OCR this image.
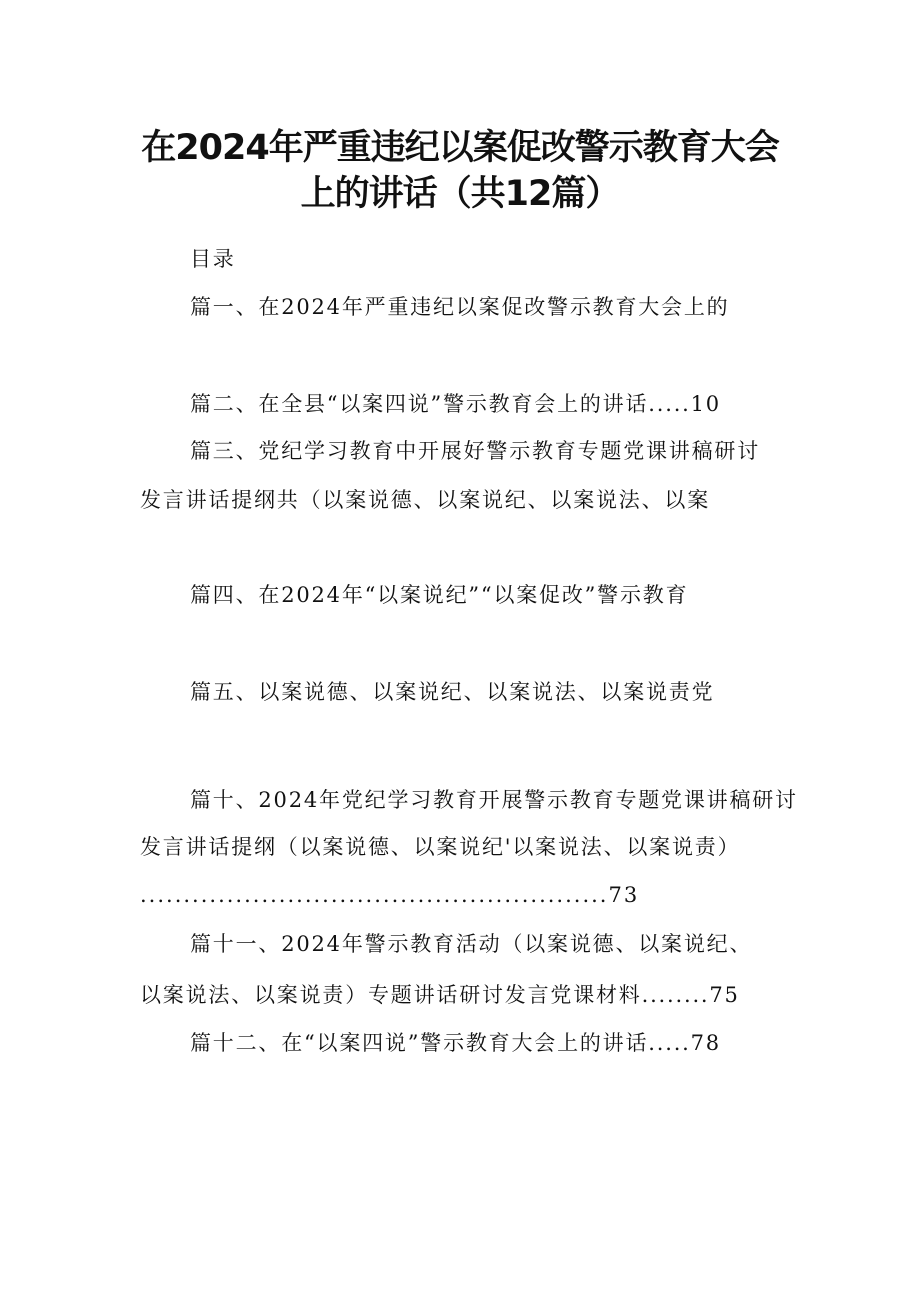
在2024年严重违纪以案促改警示教育大会
上的讲话（共12篇）
目录
篇一、在2024年严重违纪以案促改警示教育大会上的
篇二、在全县“以案四说”警示教育会上的讲话.....10
篇三、党纪学习教育中开展好警示教育专题党课讲稿研讨
发言讲话提纲共（以案说德、以案说纪、以案说法、以案
篇四、在2024年“以案说纪”“以案促改”警示教育
篇五、以案说德、以案说纪、以案说法、以案说责党
篇十、2024年党纪学习教育开展警示教育专题党课讲稿研讨
发言讲话提纲（以案说德、以案说纪'以案说法、以案说责）
......................................................73
篇十一、2024年警示教育活动（以案说德、以案说纪、
以案说法、以案说责）专题讲话研讨发言党课材料........75
篇十二、在“以案四说”警示教育大会上的讲话.....78
